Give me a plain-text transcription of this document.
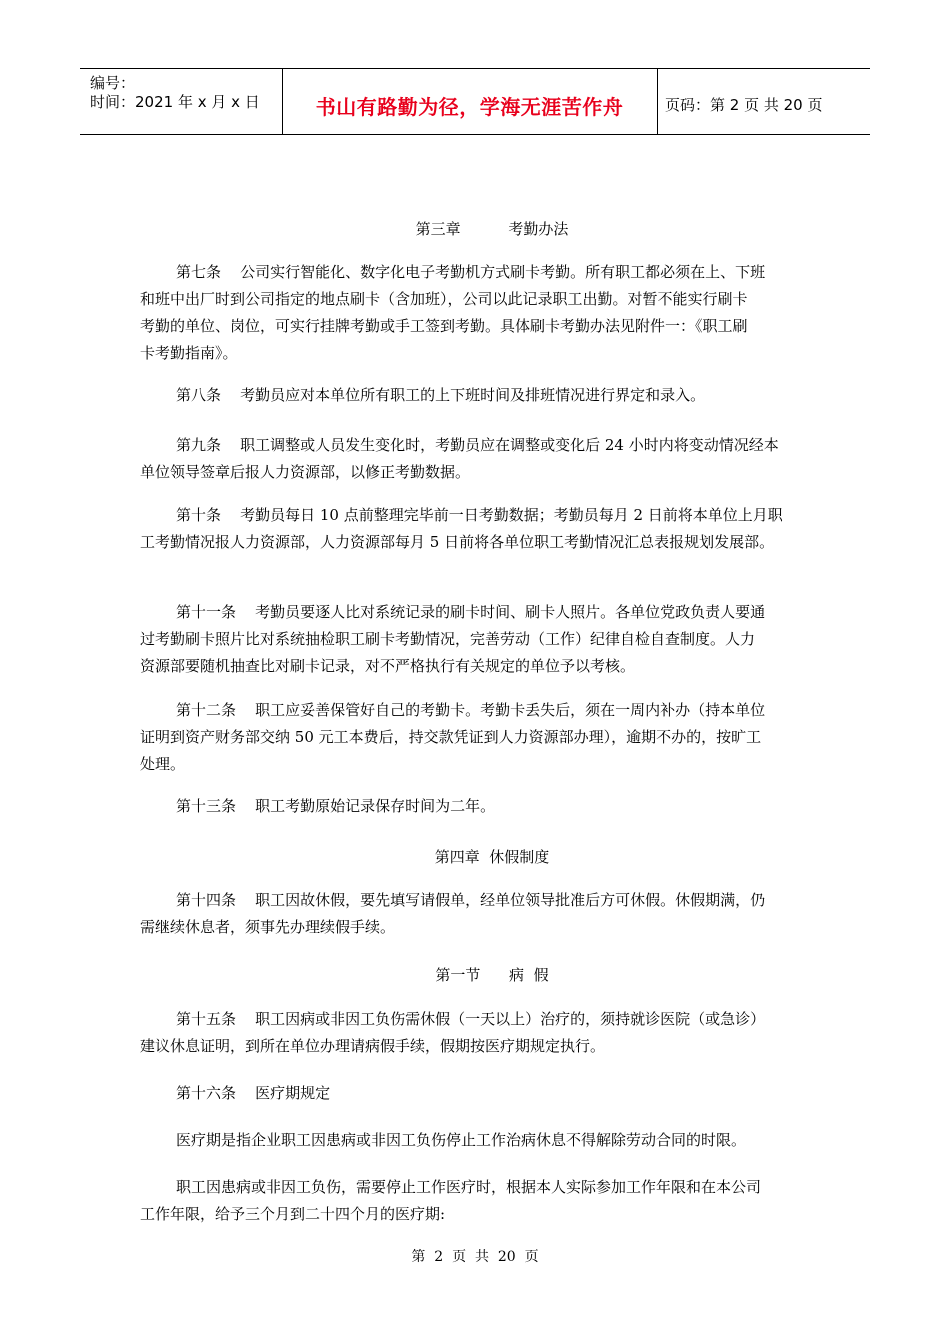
编号：
时间：2021 年 x 月 x 日	书山有路勤为径，学海无涯苦作舟	页码：第 2 页 共 20 页
第三章          考勤办法
第七条    公司实行智能化、数字化电子考勤机方式刷卡考勤。所有职工都必须在上、下班
和班中出厂时到公司指定的地点刷卡（含加班），公司以此记录职工出勤。对暂不能实行刷卡
考勤的单位、岗位，可实行挂牌考勤或手工签到考勤。具体刷卡考勤办法见附件一：《职工刷
卡考勤指南》。
第八条    考勤员应对本单位所有职工的上下班时间及排班情况进行界定和录入。
第九条    职工调整或人员发生变化时，考勤员应在调整或变化后 24 小时内将变动情况经本
单位领导签章后报人力资源部，以修正考勤数据。
第十条    考勤员每日 10 点前整理完毕前一日考勤数据；考勤员每月 2 日前将本单位上月职
工考勤情况报人力资源部，人力资源部每月 5 日前将各单位职工考勤情况汇总表报规划发展部。
第十一条    考勤员要逐人比对系统记录的刷卡时间、刷卡人照片。各单位党政负责人要通
过考勤刷卡照片比对系统抽检职工刷卡考勤情况，完善劳动（工作）纪律自检自查制度。人力
资源部要随机抽查比对刷卡记录，对不严格执行有关规定的单位予以考核。
第十二条    职工应妥善保管好自己的考勤卡。考勤卡丢失后，须在一周内补办（持本单位
证明到资产财务部交纳 50 元工本费后，持交款凭证到人力资源部办理），逾期不办的，按旷工
处理。
第十三条    职工考勤原始记录保存时间为二年。
第四章  休假制度
第十四条    职工因故休假，要先填写请假单，经单位领导批准后方可休假。休假期满，仍
需继续休息者，须事先办理续假手续。
第一节      病  假
第十五条    职工因病或非因工负伤需休假（一天以上）治疗的，须持就诊医院（或急诊）
建议休息证明，到所在单位办理请病假手续，假期按医疗期规定执行。
第十六条    医疗期规定
医疗期是指企业职工因患病或非因工负伤停止工作治病休息不得解除劳动合同的时限。
职工因患病或非因工负伤，需要停止工作医疗时，根据本人实际参加工作年限和在本公司
工作年限，给予三个月到二十四个月的医疗期:
第  2  页  共  20  页
